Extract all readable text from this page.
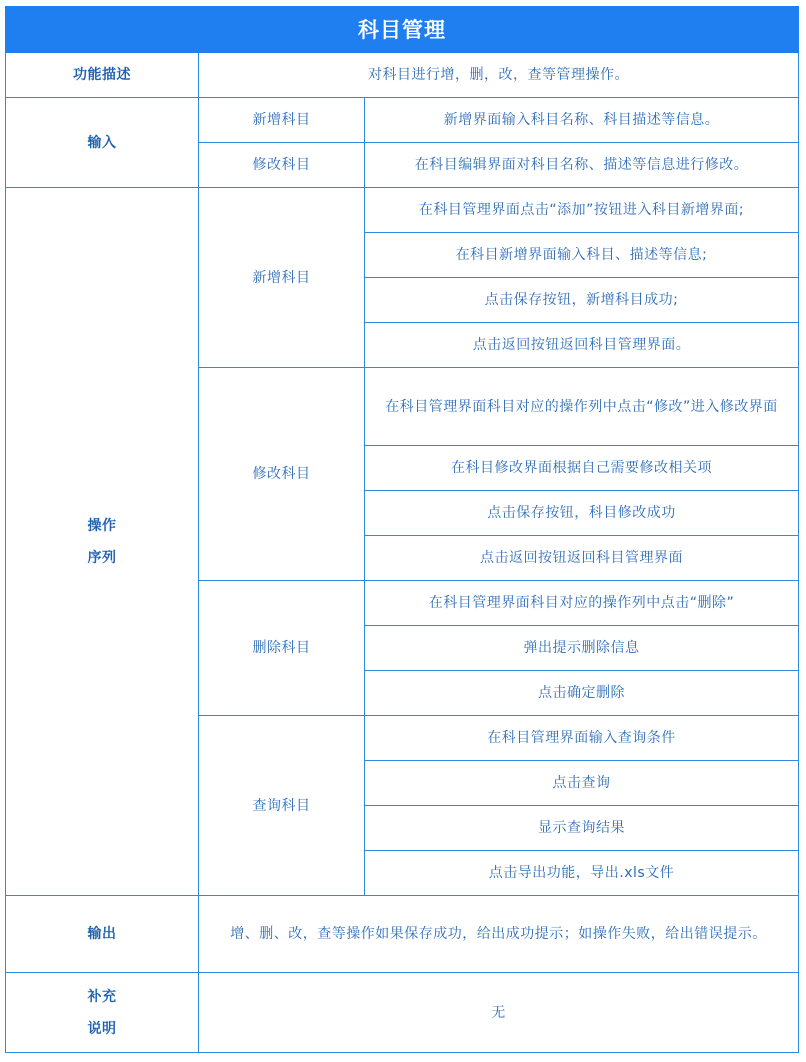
科目管理		
功能描述	对科目进行增，删，改，查等管理操作。	
输入	新增科目	新增界面输入科目名称、科目描述等信息。
	修改科目	在科目编辑界面对科目名称、描述等信息进行修改。

操作
序列	新增科目	在科目管理界面点击“添加”按钮进入科目新增界面;
		在科目新增界面输入科目、描述等信息;
		点击保存按钮，新增科目成功;
		点击返回按钮返回科目管理界面。
	修改科目	在科目管理界面科目对应的操作列中点击“修改”进入修改界面
		在科目修改界面根据自己需要修改相关项
		点击保存按钮，科目修改成功
		点击返回按钮返回科目管理界面
	删除科目	在科目管理界面科目对应的操作列中点击“删除”
		弹出提示删除信息
		点击确定删除
	查询科目	在科目管理界面输入查询条件
		点击查询
		显示查询结果
		点击导出功能，导出.xls文件
输出	增、删、改，查等操作如果保存成功，给出成功提示；如操作失败，给出错误提示。	

补充
说明	无	
